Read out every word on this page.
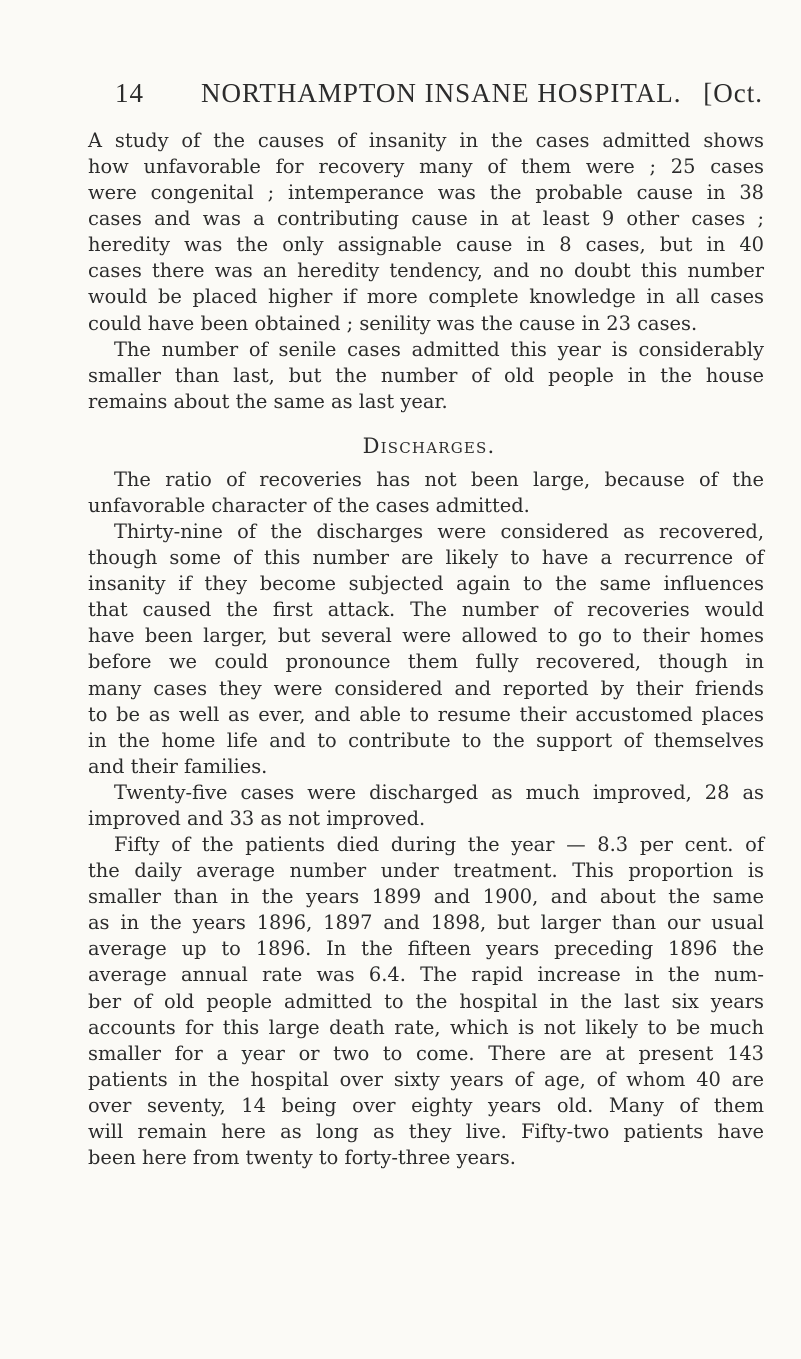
14 NORTHAMPTON INSANE HOSPITAL. [Oct.
A study of the causes of insanity in the cases admitted shows
how unfavorable for recovery many of them were ; 25 cases
were congenital ; intemperance was the probable cause in 38
cases and was a contributing cause in at least 9 other cases ;
heredity was the only assignable cause in 8 cases, but in 40
cases there was an heredity tendency, and no doubt this number
would be placed higher if more complete knowledge in all cases
could have been obtained ; senility was the cause in 23 cases.
The number of senile cases admitted this year is considerably
smaller than last, but the number of old people in the house
remains about the same as last year.
Discharges.
The ratio of recoveries has not been large, because of the
unfavorable character of the cases admitted.
Thirty-nine of the discharges were considered as recovered,
though some of this number are likely to have a recurrence of
insanity if they become subjected again to the same influences
that caused the first attack. The number of recoveries would
have been larger, but several were allowed to go to their homes
before we could pronounce them fully recovered, though in
many cases they were considered and reported by their friends
to be as well as ever, and able to resume their accustomed places
in the home life and to contribute to the support of themselves
and their families.
Twenty-five cases were discharged as much improved, 28 as
improved and 33 as not improved.
Fifty of the patients died during the year — 8.3 per cent. of
the daily average number under treatment. This proportion is
smaller than in the years 1899 and 1900, and about the same
as in the years 1896, 1897 and 1898, but larger than our usual
average up to 1896. In the fifteen years preceding 1896 the
average annual rate was 6.4. The rapid increase in the num-
ber of old people admitted to the hospital in the last six years
accounts for this large death rate, which is not likely to be much
smaller for a year or two to come. There are at present 143
patients in the hospital over sixty years of age, of whom 40 are
over seventy, 14 being over eighty years old. Many of them
will remain here as long as they live. Fifty-two patients have
been here from twenty to forty-three years.
